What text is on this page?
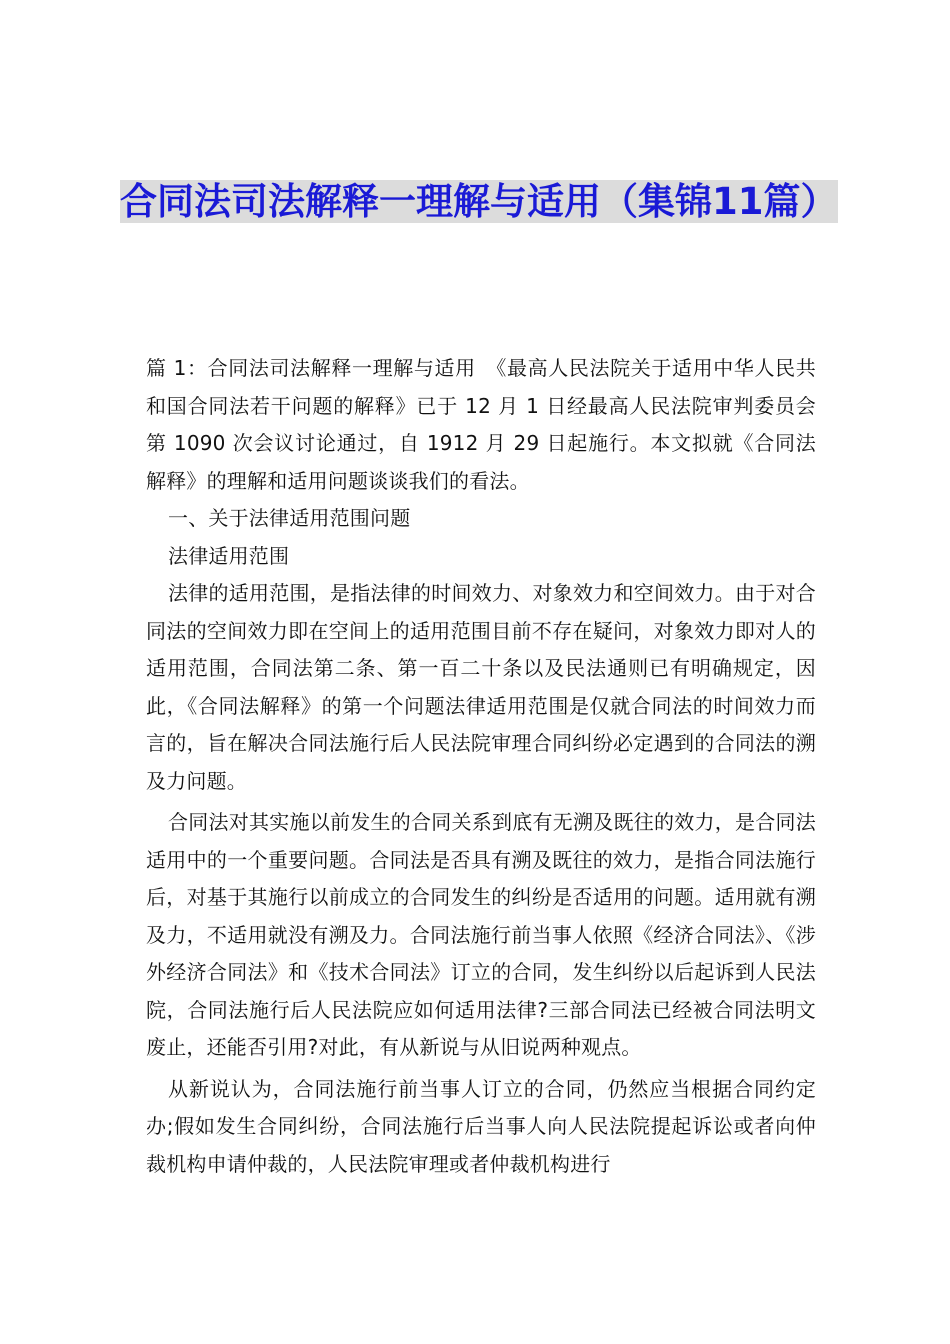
合同法司法解释一理解与适用（集锦11篇）

篇 1：合同法司法解释一理解与适用　《最高人民法院关于适用中华人民共和国合同法若干问题的解释》已于 12 月 1 日经最高人民法院审判委员会第 1090 次会议讨论通过，自 1912 月 29 日起施行。本文拟就《合同法解释》的理解和适用问题谈谈我们的看法。

一、关于法律适用范围问题

法律适用范围

法律的适用范围，是指法律的时间效力、对象效力和空间效力。由于对合同法的空间效力即在空间上的适用范围目前不存在疑问，对象效力即对人的适用范围，合同法第二条、第一百二十条以及民法通则已有明确规定，因此，《合同法解释》的第一个问题法律适用范围是仅就合同法的时间效力而言的，旨在解决合同法施行后人民法院审理合同纠纷必定遇到的合同法的溯及力问题。

合同法对其实施以前发生的合同关系到底有无溯及既往的效力，是合同法适用中的一个重要问题。合同法是否具有溯及既往的效力，是指合同法施行后，对基于其施行以前成立的合同发生的纠纷是否适用的问题。适用就有溯及力，不适用就没有溯及力。合同法施行前当事人依照《经济合同法》、《涉外经济合同法》和《技术合同法》订立的合同，发生纠纷以后起诉到人民法院，合同法施行后人民法院应如何适用法律?三部合同法已经被合同法明文废止，还能否引用?对此，有从新说与从旧说两种观点。

从新说认为，合同法施行前当事人订立的合同，仍然应当根据合同约定办;假如发生合同纠纷，合同法施行后当事人向人民法院提起诉讼或者向仲裁机构申请仲裁的，人民法院审理或者仲裁机构进行
